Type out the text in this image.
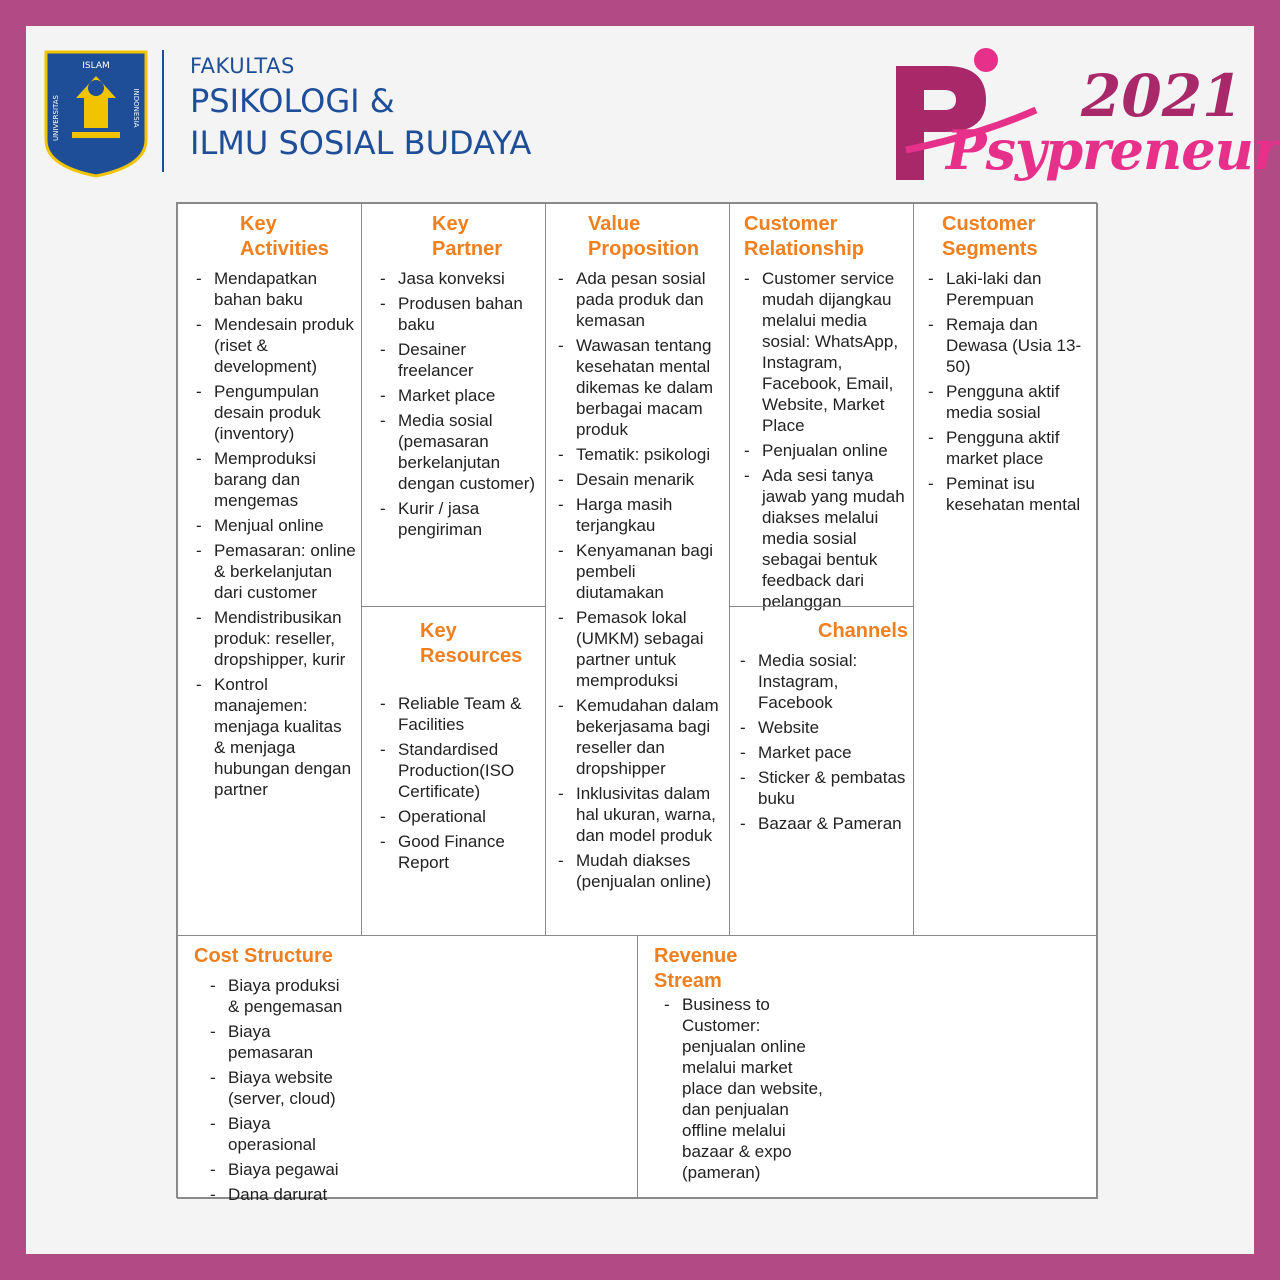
ISLAM
UNIVERSITAS	INDONESIA
FAKULTAS
PSIKOLOGI &
ILMU SOSIAL BUDAYA
2021
Psypreneur
Key Activities
- Mendapatkan bahan baku
- Mendesain produk (riset & development)
- Pengumpulan desain produk (inventory)
- Memproduksi barang dan mengemas
- Menjual online
- Pemasaran: online & berkelanjutan dari customer
- Mendistribusikan produk: reseller, dropshipper, kurir
- Kontrol manajemen: menjaga kualitas & menjaga hubungan dengan partner
Key Partner
- Jasa konveksi
- Produsen bahan baku
- Desainer freelancer
- Market place
- Media sosial (pemasaran berkelanjutan dengan customer)
- Kurir / jasa pengiriman
Key Resources
- Reliable Team & Facilities
- Standardised Production(ISO Certificate)
- Operational
- Good Finance Report
Value Proposition
- Ada pesan sosial pada produk dan kemasan
- Wawasan tentang kesehatan mental dikemas ke dalam berbagai macam produk
- Tematik: psikologi
- Desain menarik
- Harga masih terjangkau
- Kenyamanan bagi pembeli diutamakan
- Pemasok lokal (UMKM) sebagai partner untuk memproduksi
- Kemudahan dalam bekerjasama bagi reseller dan dropshipper
- Inklusivitas dalam hal ukuran, warna, dan model produk
- Mudah diakses (penjualan online)
Customer Relationship
- Customer service mudah dijangkau melalui media sosial: WhatsApp, Instagram, Facebook, Email, Website, Market Place
- Penjualan online
- Ada sesi tanya jawab yang mudah diakses melalui media sosial sebagai bentuk feedback dari pelanggan
Channels
- Media sosial: Instagram, Facebook
- Website
- Market pace
- Sticker & pembatas buku
- Bazaar & Pameran
Customer Segments
- Laki-laki dan Perempuan
- Remaja dan Dewasa (Usia 13-50)
- Pengguna aktif media sosial
- Pengguna aktif market place
- Peminat isu kesehatan mental
Cost Structure
- Biaya produksi & pengemasan
- Biaya pemasaran
- Biaya website (server, cloud)
- Biaya operasional
- Biaya pegawai
- Dana darurat
Revenue Stream
- Business to Customer: penjualan online melalui market place dan website, dan penjualan offline melalui bazaar & expo (pameran)
